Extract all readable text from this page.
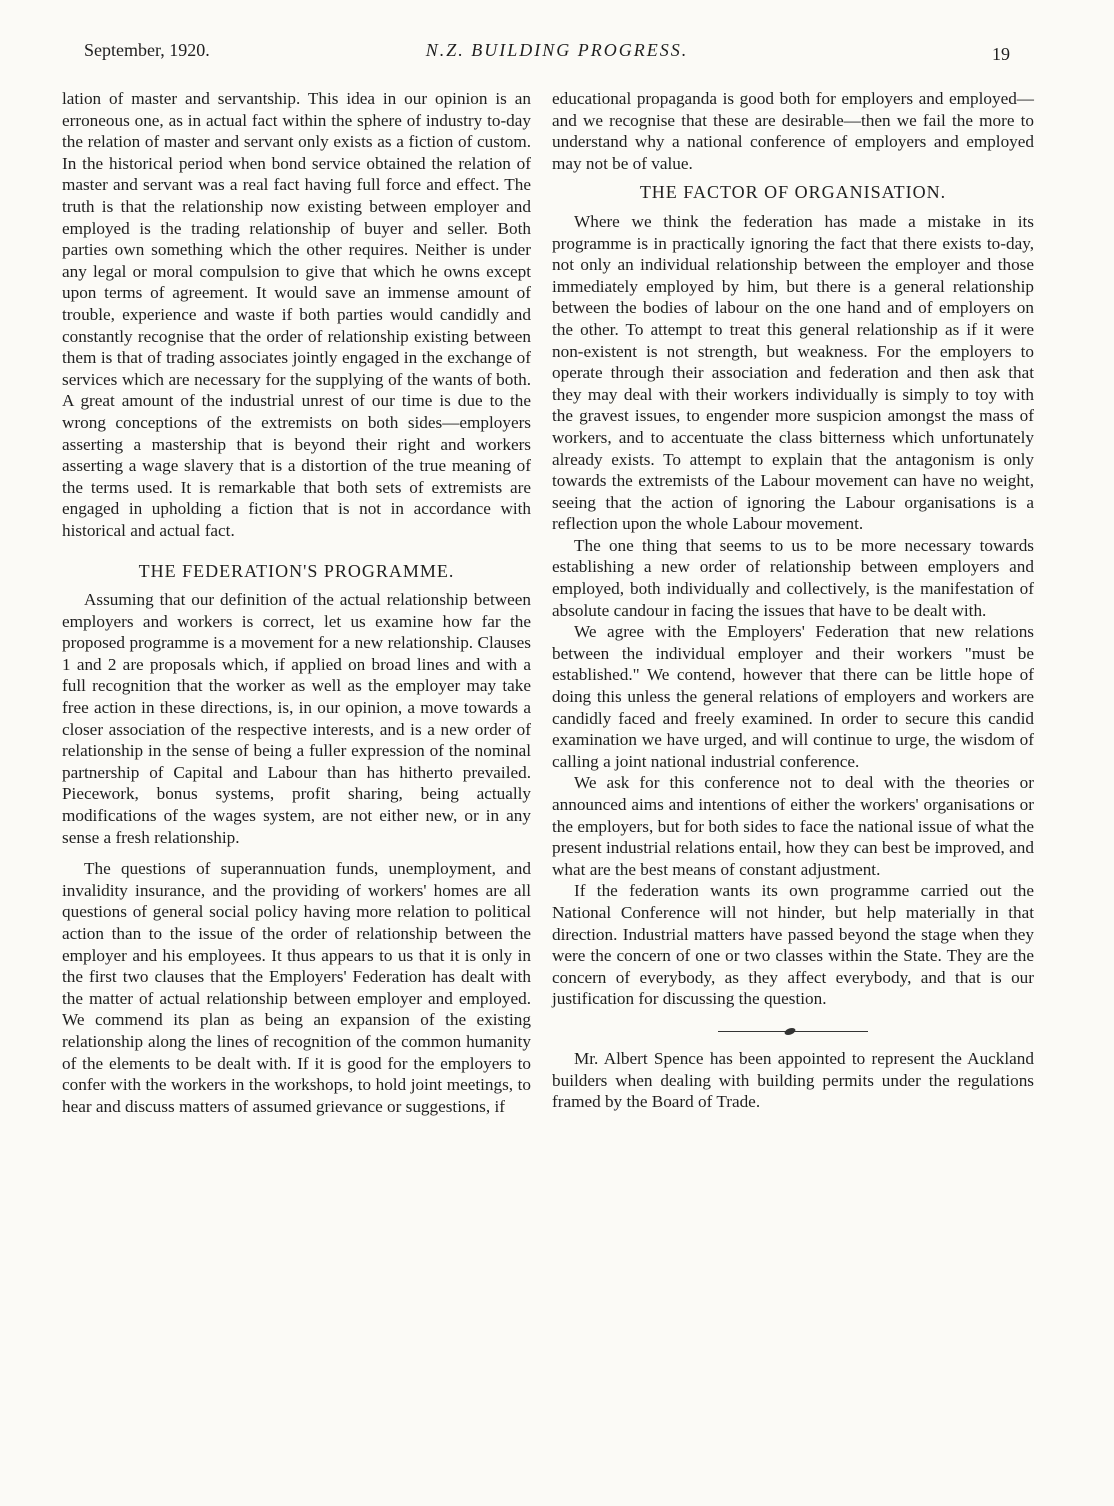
September, 1920.	N.Z. BUILDING PROGRESS.	19

lation of master and servantship. This idea in our opinion is an erroneous one, as in actual fact within the sphere of industry to-day the relation of master and servant only exists as a fiction of custom. In the historical period when bond service obtained the relation of master and servant was a real fact having full force and effect. The truth is that the relationship now existing between employer and employed is the trading relationship of buyer and seller. Both parties own something which the other requires. Neither is under any legal or moral compulsion to give that which he owns except upon terms of agreement. It would save an immense amount of trouble, experience and waste if both parties would candidly and constantly recognise that the order of relationship existing between them is that of trading associates jointly engaged in the exchange of services which are necessary for the supplying of the wants of both. A great amount of the industrial unrest of our time is due to the wrong conceptions of the extremists on both sides—employers asserting a mastership that is beyond their right and workers asserting a wage slavery that is a distortion of the true meaning of the terms used. It is remarkable that both sets of extremists are engaged in upholding a fiction that is not in accordance with historical and actual fact.

THE FEDERATION'S PROGRAMME.

Assuming that our definition of the actual relationship between employers and workers is correct, let us examine how far the proposed programme is a movement for a new relationship. Clauses 1 and 2 are proposals which, if applied on broad lines and with a full recognition that the worker as well as the employer may take free action in these directions, is, in our opinion, a move towards a closer association of the respective interests, and is a new order of relationship in the sense of being a fuller expression of the nominal partnership of Capital and Labour than has hitherto prevailed. Piecework, bonus systems, profit sharing, being actually modifications of the wages system, are not either new, or in any sense a fresh relationship.

The questions of superannuation funds, unemployment, and invalidity insurance, and the providing of workers' homes are all questions of general social policy having more relation to political action than to the issue of the order of relationship between the employer and his employees. It thus appears to us that it is only in the first two clauses that the Employers' Federation has dealt with the matter of actual relationship between employer and employed. We commend its plan as being an expansion of the existing relationship along the lines of recognition of the common humanity of the elements to be dealt with. If it is good for the employers to confer with the workers in the workshops, to hold joint meetings, to hear and discuss matters of assumed grievance or suggestions, if

educational propaganda is good both for employers and employed—and we recognise that these are desirable—then we fail the more to understand why a national conference of employers and employed may not be of value.

THE FACTOR OF ORGANISATION.

Where we think the federation has made a mistake in its programme is in practically ignoring the fact that there exists to-day, not only an individual relationship between the employer and those immediately employed by him, but there is a general relationship between the bodies of labour on the one hand and of employers on the other. To attempt to treat this general relationship as if it were non-existent is not strength, but weakness. For the employers to operate through their association and federation and then ask that they may deal with their workers individually is simply to toy with the gravest issues, to engender more suspicion amongst the mass of workers, and to accentuate the class bitterness which unfortunately already exists. To attempt to explain that the antagonism is only towards the extremists of the Labour movement can have no weight, seeing that the action of ignoring the Labour organisations is a reflection upon the whole Labour movement.

The one thing that seems to us to be more necessary towards establishing a new order of relationship between employers and employed, both individually and collectively, is the manifestation of absolute candour in facing the issues that have to be dealt with.

We agree with the Employers' Federation that new relations between the individual employer and their workers "must be established." We contend, however that there can be little hope of doing this unless the general relations of employers and workers are candidly faced and freely examined. In order to secure this candid examination we have urged, and will continue to urge, the wisdom of calling a joint national industrial conference.

We ask for this conference not to deal with the theories or announced aims and intentions of either the workers' organisations or the employers, but for both sides to face the national issue of what the present industrial relations entail, how they can best be improved, and what are the best means of constant adjustment.

If the federation wants its own programme carried out the National Conference will not hinder, but help materially in that direction. Industrial matters have passed beyond the stage when they were the concern of one or two classes within the State. They are the concern of everybody, as they affect everybody, and that is our justification for discussing the question.

Mr. Albert Spence has been appointed to represent the Auckland builders when dealing with building permits under the regulations framed by the Board of Trade.
